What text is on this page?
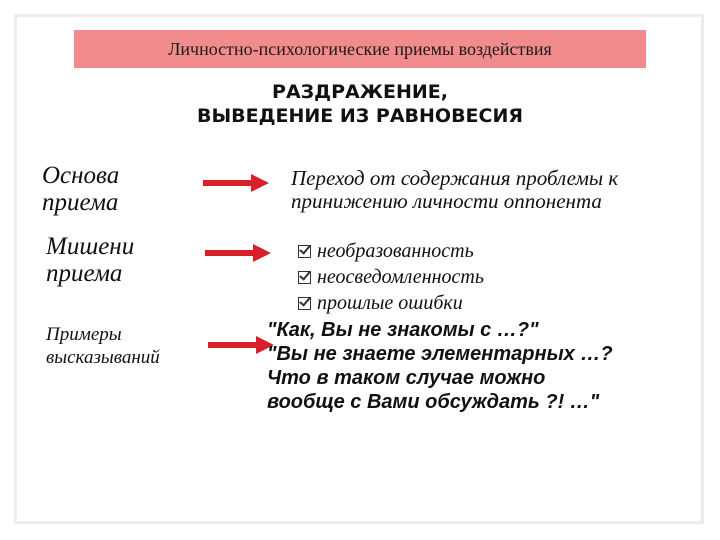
Личностно-психологические приемы воздействия
РАЗДРАЖЕНИЕ,
ВЫВЕДЕНИЕ ИЗ РАВНОВЕСИЯ
Основа
приема
Переход от содержания проблемы к
принижению личности оппонента
Мишени
приема
необразованность
неосведомленность
прошлые ошибки
Примеры
высказываний
"Как, Вы не знакомы с …?"
"Вы не знаете элементарных …?
Что в таком случае можно
вообще с Вами обсуждать ?! …"
